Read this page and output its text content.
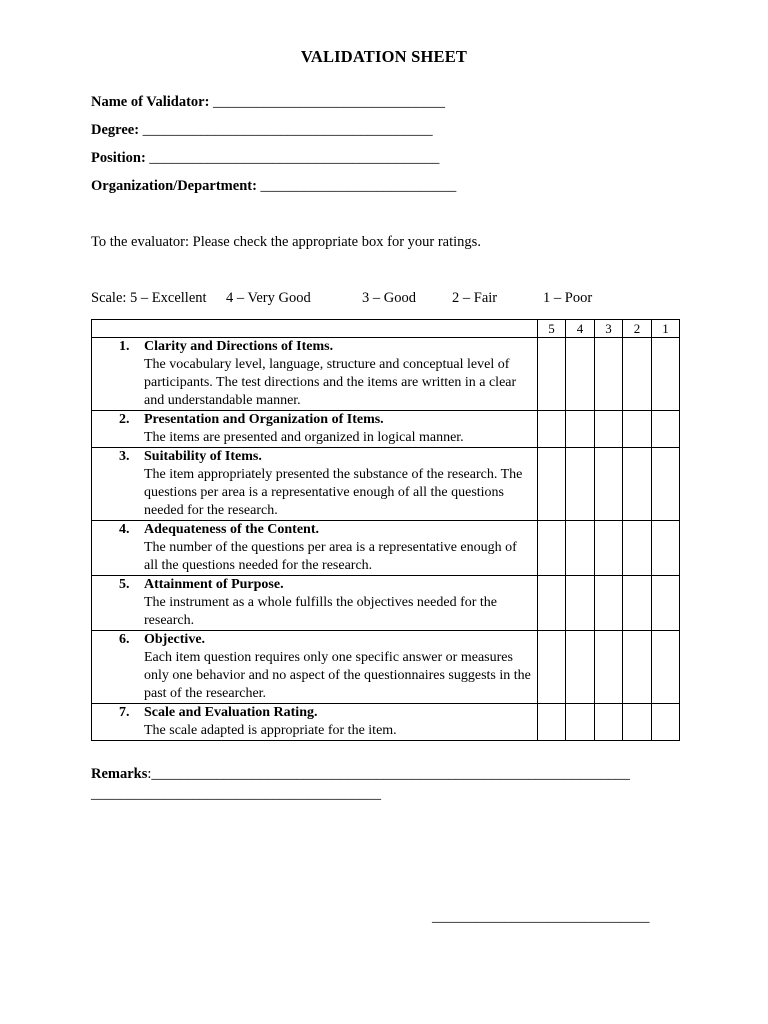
VALIDATION SHEET
Name of Validator: ________________________________
Degree: ________________________________________
Position: ________________________________________
Organization/Department: ___________________________
To the evaluator: Please check the appropriate box for your ratings.
Scale: 5 – Excellent 4 – Very Good	3 – Good 2 – Fair	1 – Poor
	5	4	3	2	1

1. Clarity and Directions of Items.
The vocabulary level, language, structure and conceptual level of participants. The test directions and the items are written in a clear and understandable manner.					

2. Presentation and Organization of Items.
The items are presented and organized in logical manner.					

3. Suitability of Items.
The item appropriately presented the substance of the research. The questions per area is a representative enough of all the questions needed for the research.					

4. Adequateness of the Content.
The number of the questions per area is a representative enough of all the questions needed for the research.					

5. Attainment of Purpose.
The instrument as a whole fulfills the objectives needed for the research.					

6. Objective.
Each item question requires only one specific answer or measures only one behavior and no aspect of the questionnaires suggests in the past of the researcher.					

7. Scale and Evaluation Rating.
The scale adapted is appropriate for the item.					

Remarks:__________________________________________________________________
________________________________________
______________________________
